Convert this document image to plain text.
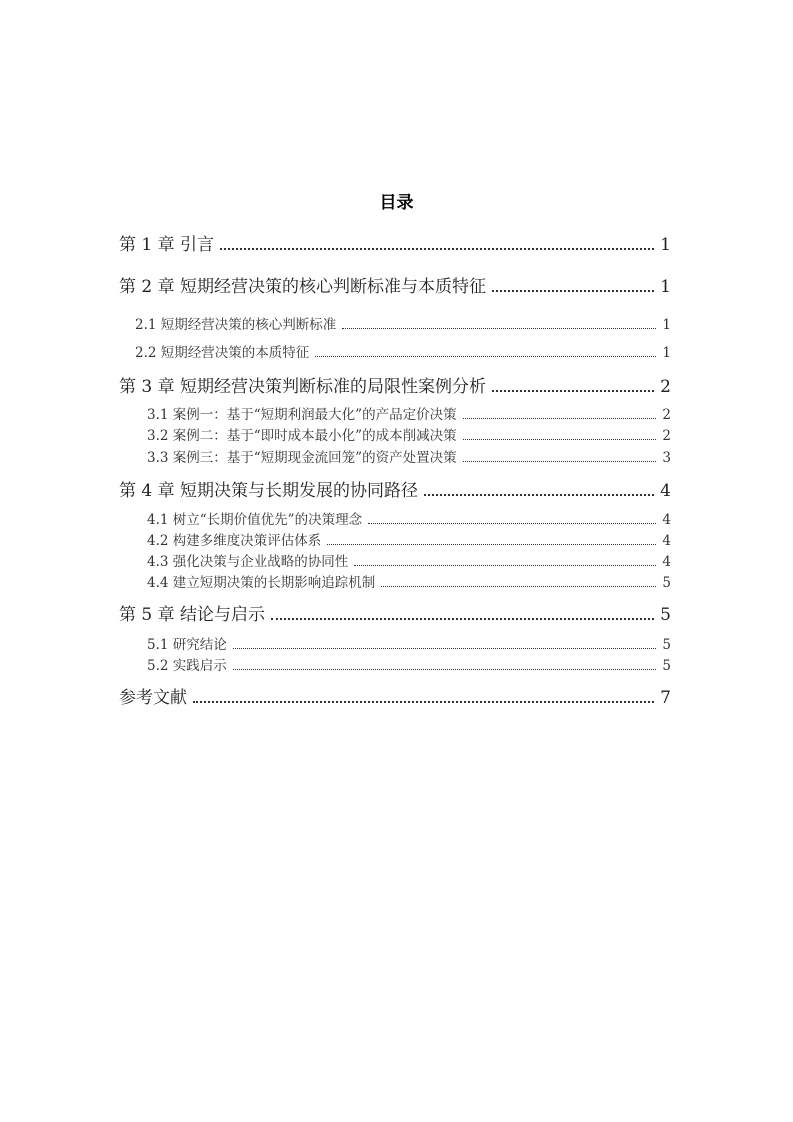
目录
第 1 章 引言	1
第 2 章 短期经营决策的核心判断标准与本质特征	1
2.1 短期经营决策的核心判断标准	1
2.2 短期经营决策的本质特征	1
第 3 章 短期经营决策判断标准的局限性案例分析	2
3.1 案例一：基于“短期利润最大化”的产品定价决策	2
3.2 案例二：基于“即时成本最小化”的成本削减决策	2
3.3 案例三：基于“短期现金流回笼”的资产处置决策	3
第 4 章 短期决策与长期发展的协同路径	4
4.1 树立“长期价值优先”的决策理念	4
4.2 构建多维度决策评估体系	4
4.3 强化决策与企业战略的协同性	4
4.4 建立短期决策的长期影响追踪机制	5
第 5 章 结论与启示	5
5.1 研究结论	5
5.2 实践启示	5
参考文献	7
